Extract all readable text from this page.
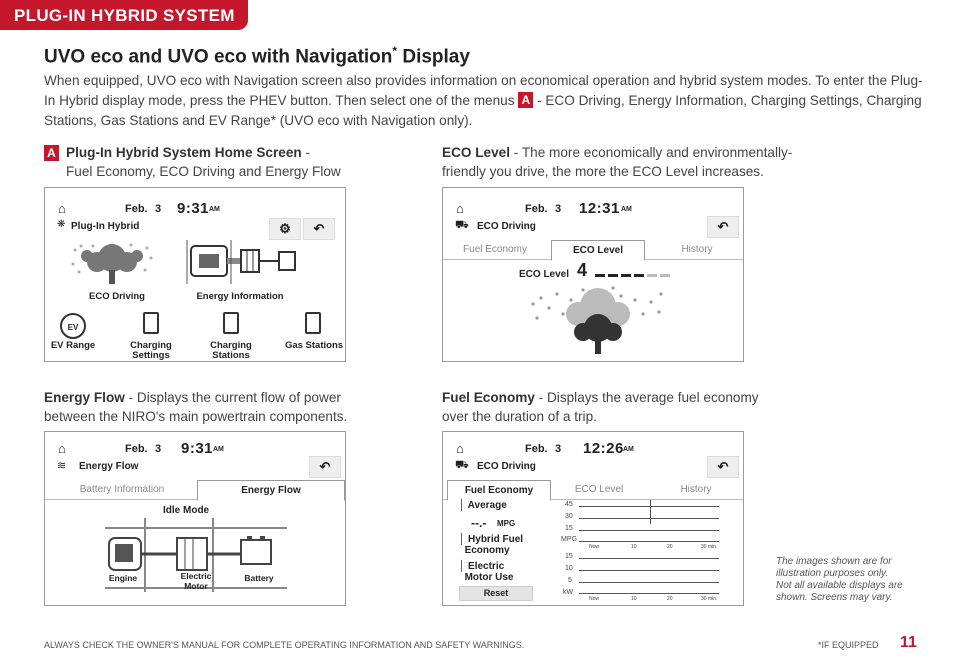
PLUG-IN HYBRID SYSTEM
UVO eco and UVO eco with Navigation* Display
When equipped, UVO eco with Navigation screen also provides information on economical operation and hybrid system modes. To enter the Plug-In Hybrid display mode, press the PHEV button. Then select one of the menus A - ECO Driving, Energy Information, Charging Settings, Charging Stations, Gas Stations and EV Range* (UVO eco with Navigation only).
A Plug-In Hybrid System Home Screen -
Fuel Economy, ECO Driving and Energy Flow
ECO Level - The more economically and environmentally-friendly you drive, the more the ECO Level increases.
Energy Flow - Displays the current flow of power between the NIRO's main powertrain components.
Fuel Economy - Displays the average fuel economy over the duration of a trip.
⌂	Feb. 3 9:31 AM
❋ Plug-In Hybrid	⚙	↶
ECO Driving	Energy Information
EV
EV Range	Charging
Settings
Charging
Stations
Gas Stations
⌂	Feb. 3 12:31 AM
⛟ ECO Driving	↶
Fuel Economy	ECO Level	History
ECO Level 4
⌂	Feb. 3 9:31 AM
≋ Energy Flow	↶
Battery Information	Energy Flow
Idle Mode
Engine	Electric
Motor
Battery
⌂	Feb. 3 12:26 AM
⛟ ECO Driving	↶
Fuel Economy	ECO Level	History
│ Average
--.- MPG
│ Hybrid Fuel
Economy
│ Electric
Motor Use
Reset
45
30
15
MPG
Now	10	20	30 min.
15
10
5
kW
Now	10	20	30 min.
The images shown are for illustration purposes only. Not all available displays are shown. Screens may vary.
ALWAYS CHECK THE OWNER'S MANUAL FOR COMPLETE OPERATING INFORMATION AND SAFETY WARNINGS.	*IF EQUIPPED 11
